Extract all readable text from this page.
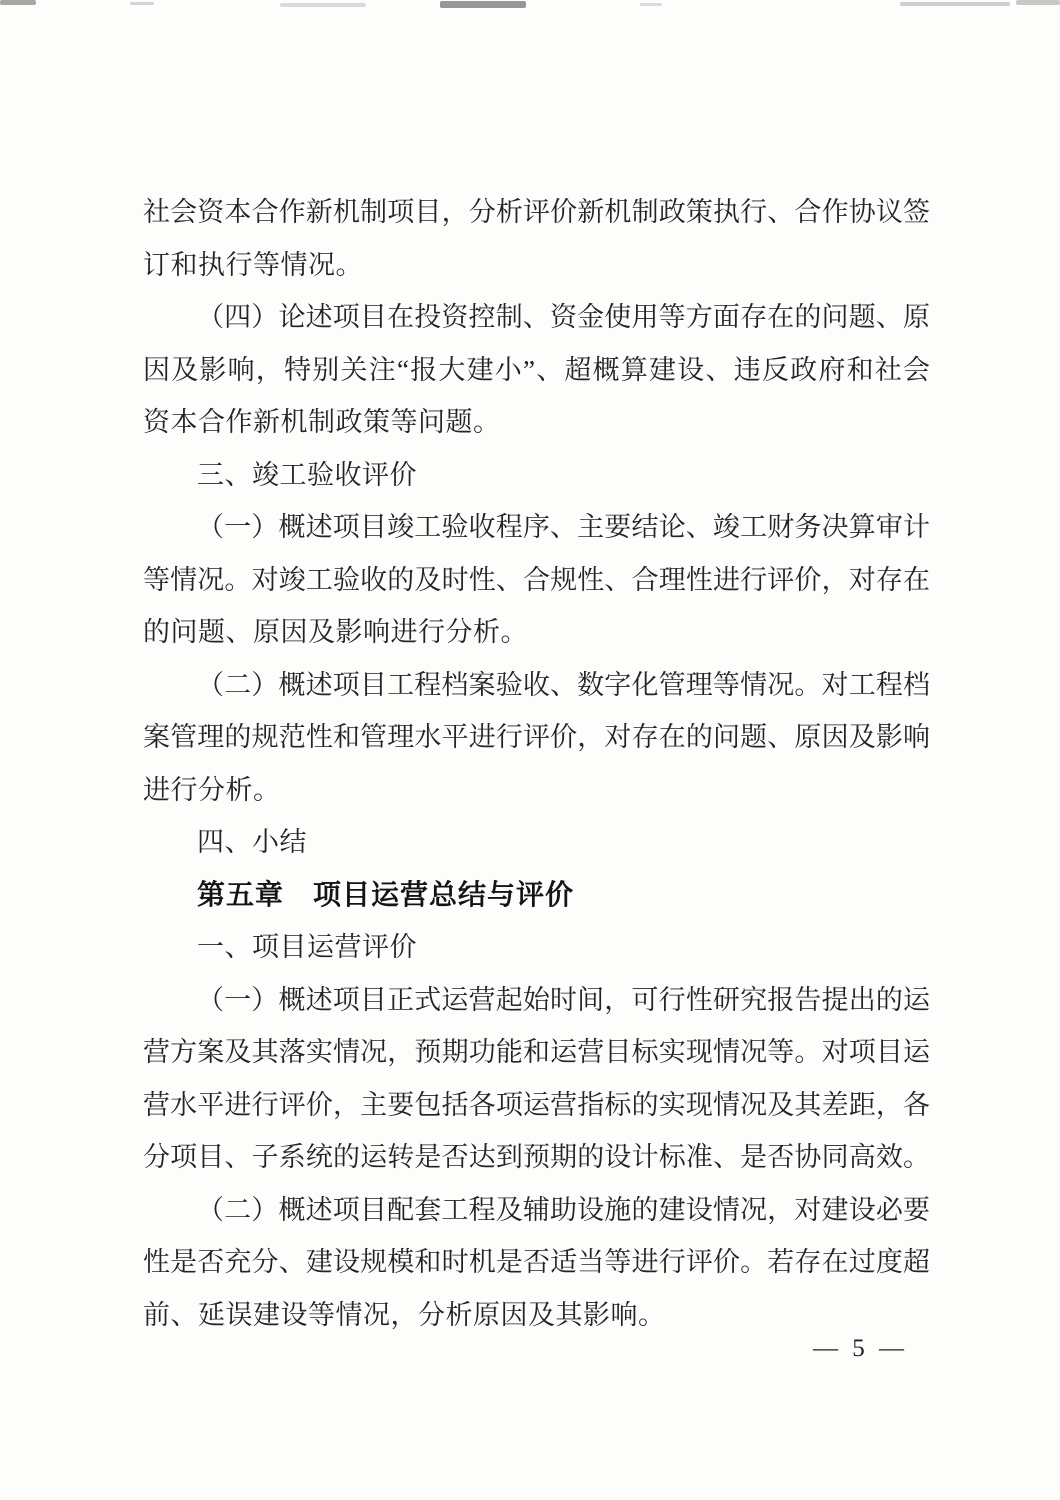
社会资本合作新机制项目，分析评价新机制政策执行、合作协议签
订和执行等情况。
（四）论述项目在投资控制、资金使用等方面存在的问题、原
因及影响，特别关注“报大建小”、超概算建设、违反政府和社会
资本合作新机制政策等问题。
三、竣工验收评价
（一）概述项目竣工验收程序、主要结论、竣工财务决算审计
等情况。对竣工验收的及时性、合规性、合理性进行评价，对存在
的问题、原因及影响进行分析。
（二）概述项目工程档案验收、数字化管理等情况。对工程档
案管理的规范性和管理水平进行评价，对存在的问题、原因及影响
进行分析。
四、小结
第五章　项目运营总结与评价
一、项目运营评价
（一）概述项目正式运营起始时间，可行性研究报告提出的运
营方案及其落实情况，预期功能和运营目标实现情况等。对项目运
营水平进行评价，主要包括各项运营指标的实现情况及其差距，各
分项目、子系统的运转是否达到预期的设计标准、是否协同高效。
（二）概述项目配套工程及辅助设施的建设情况，对建设必要
性是否充分、建设规模和时机是否适当等进行评价。若存在过度超
前、延误建设等情况，分析原因及其影响。
— 5 —
